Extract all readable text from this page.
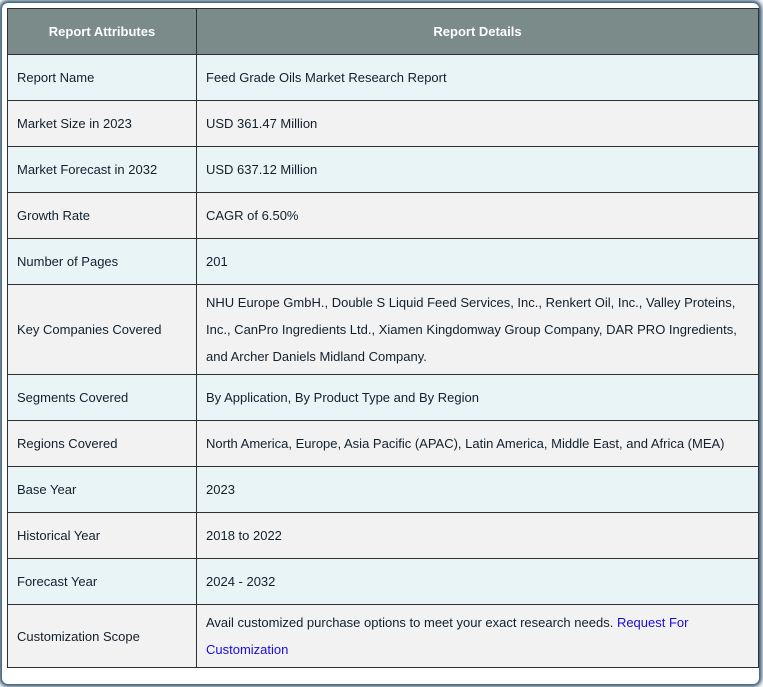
Report Attributes	Report Details
Report Name	Feed Grade Oils Market Research Report
Market Size in 2023	USD 361.47 Million
Market Forecast in 2032	USD 637.12 Million
Growth Rate	CAGR of 6.50%
Number of Pages	201
Key Companies Covered	NHU Europe GmbH., Double S Liquid Feed Services, Inc., Renkert Oil, Inc., Valley Proteins, Inc., CanPro Ingredients Ltd., Xiamen Kingdomway Group Company, DAR PRO Ingredients, and Archer Daniels Midland Company.
Segments Covered	By Application, By Product Type and By Region
Regions Covered	North America, Europe, Asia Pacific (APAC), Latin America, Middle East, and Africa (MEA)
Base Year	2023
Historical Year	2018 to 2022
Forecast Year	2024 - 2032
Customization Scope	Avail customized purchase options to meet your exact research needs. Request For Customization
